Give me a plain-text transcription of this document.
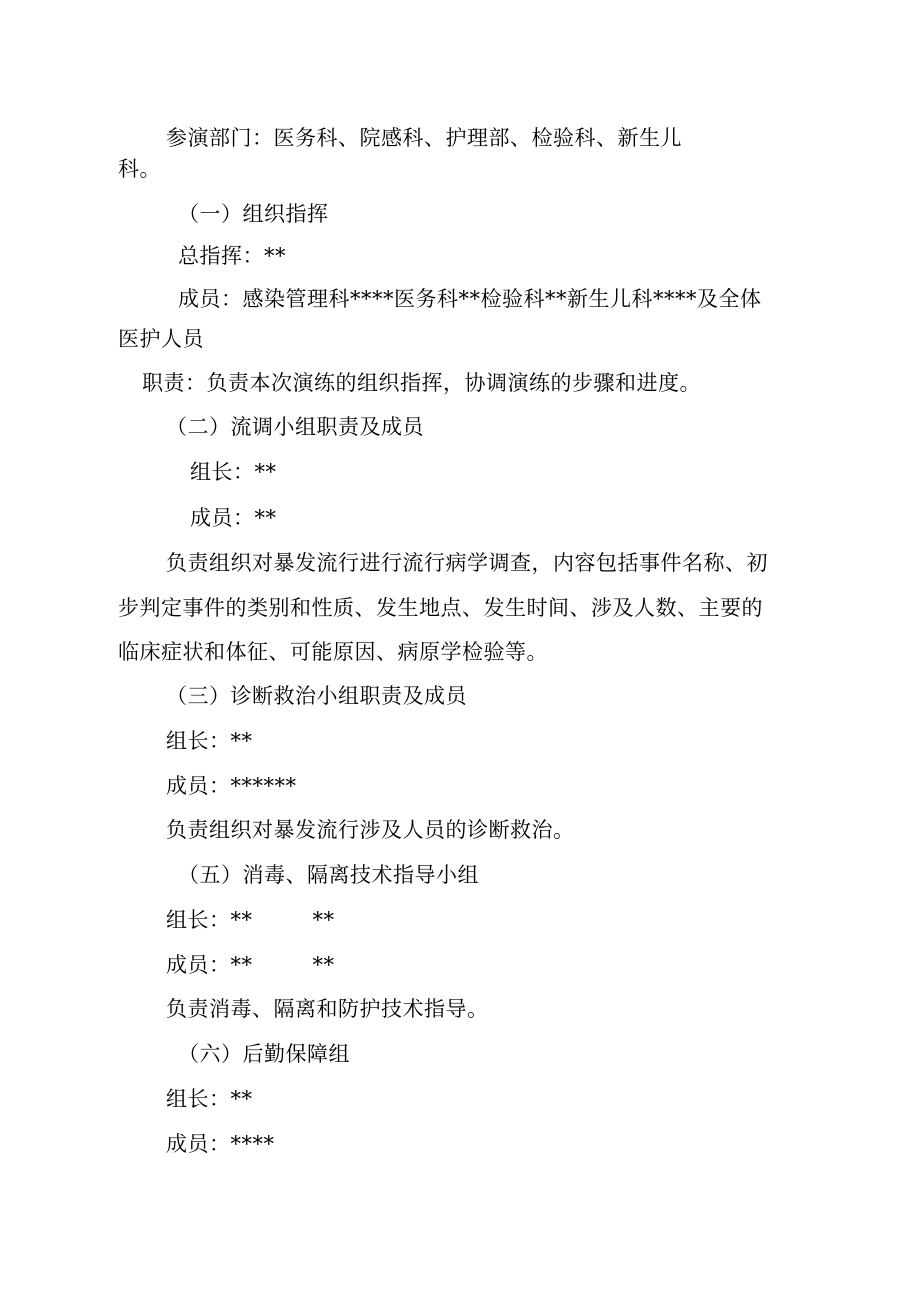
参演部门：医务科、院感科、护理部、检验科、新生儿
科。
（一）组织指挥
总指挥：**
成员：感染管理科****医务科**检验科**新生儿科****及全体
医护人员
职责：负责本次演练的组织指挥，协调演练的步骤和进度。
（二）流调小组职责及成员
组长：**
成员：**
负责组织对暴发流行进行流行病学调查，内容包括事件名称、初
步判定事件的类别和性质、发生地点、发生时间、涉及人数、主要的
临床症状和体征、可能原因、病原学检验等。
（三）诊断救治小组职责及成员
组长：**
成员：******
负责组织对暴发流行涉及人员的诊断救治。
（五）消毒、隔离技术指导小组
组长：**	**
成员：**	**
负责消毒、隔离和防护技术指导。
（六）后勤保障组
组长：**
成员：****
